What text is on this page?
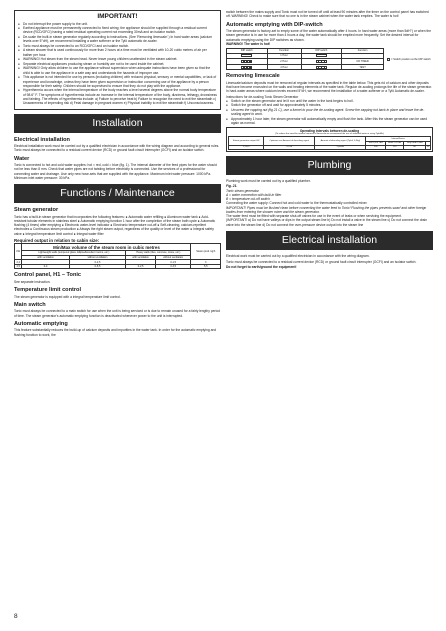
IMPORTANT!
● Do not interrupt the power supply to the unit.
● Earthed appliance must be permanently connected to fixed wiring; the appliance should be supplied through a residual current device (RCD/GFCI) having a rated residual operating current not exceeding 30mA and an isolator switch.
● De-scale the built-in steam generator regularly according to instructions. (See 'Removing limescale'.) In hard water areas (calcium levels over 5°dH), we recommend installing a water softener or the Tylö automatic de-scaler.
● Tonic must always be connected to an RCD/GFCI and an isolator switch.
● A steam shower that is used continuously for more than 2 hours at a time must be ventilated with 10-20 cubic metres of air per bather per hour.
● WARNING! Hot steam from the steam head. Never leave young children unattended in the steam cabinet.
● Separate electrical appliances producing steam or humidity are not to be used inside the cabinet.
● WARNING! Only allow children to use the appliance without supervision when adequate instructions have been given so that the child is able to use the appliance in a safe way and understands the hazards of improper use.
● This appliance is not intended for use by persons (including children) with reduced physical, sensory or mental capabilities, or lack of experience and knowledge, unless they have been given supervision or instruction concerning use of the appliance by a person responsible for their safety. Children should be supervised to ensure that they do not play with the appliance.
● Hyperthermia occurs when the internal temperature of the body reaches a level several degrees above the normal body temperature of 98.6° F. The symptoms of hyperthermia include an increase in the internal temperature of the body, dizziness, lethargy, drowsiness and fainting. The effects of hyperthermia include: a) Failure to perceive heat b) Failure to recognize the need to exit the steambath c) Unawareness of impending risk d) Fetal damage in pregnant women e) Physical inability to exit the steambath f) Unconsciousness.
Installation
Electrical installation

Electrical installation work must be carried out by a qualified electrician in accordance with the wiring diagram and according to general rules. Tonic must always be connected to a residual current device (RCD) or ground fault circuit interrupter (GCFI) and an isolator switch.

Water

Tonic is connected to hot and cold water supplies: hot = red, cold = blue (fig. 1). The internal diameter of the feed pipes for the water should not be less than 8 mm. Check that water pipes are not twisting before electricity is connected. Use the services of a professional for connecting water and drainage. Use only new hose-sets that are supplied with the appliance. Maximum inlet water pressure: 1000 kPa. Minimum inlet water pressure: 30 kPa.

Functions / Maintenance
Steam generator

Tonic has a built-in steam generator that incorporates the following features: ● Automatic water refilling ● Aluminum water tank ● Acid-resistant tubular elements in stainless steel ● Automatic emptying function 1 hour after the completion of the steam bath cycle ● Automatic flushing (4 times) after emptying ● Electronic water-level indicator ● Electronic temperature cut-off ● Self-cleaning, calcium-repellent electrodes ● Continuous steam production ● Always the right steam output, regardless of the quality or level of the water ● Integral safety valve ● Integral temperature limit control ● Integral water filter

Required output in relation to cabin size:
kW	Min/Max volume of the steam room in cubic metres				Steam prod. kg/h
	Lightweight walls (tempered glass, Ellipse/Excellent rooms, etc.)		Heavy walls (tiles, concrete, stone, etc.)		
	with ventilation	without ventilation	with ventilation	without ventilation	
2,2		0-2,5		0-1,5	3
4,5	0-4	0-5,5	0-2,5	0-3,5	5,5
Control panel, H1 – Tonic

See separate instruction.

Temperature limit control

The steam generator is equipped with a integral temperature limit control.

Main switch

Tonic must always be connected to a main switch for use when the unit is being serviced or is due to remain unused for a fairly lengthy period of time. The steam generator's automatic emptying function is deactivated whenever power to the unit is interrupted.

Automatic emptying

This feature substantially reduces the build-up of calcium deposits and impurities in the water tank. In order for the automatic emptying and flushing function to work, the

switch between the mains supply and Tonic must not be turned off until at least 90 minutes after the timer on the control panel has switched off. WARNING! Check to make sure that no one is in the steam cabinet when the water tank empties. The water is hot!

Automatic emptying with DIP-switch

The steam generator is factory-set to empty some of the water automatically after 4 hours. In hard water areas (more than 5dH°) or when the steam generator is in use for more than 4 hours a day, the water tank should be emptied more frequently. Set the desired interval for automatic emptying using the DIP switches as shown.

WARNING! The water is hot!

DIP switch	Function	DIP switch	Function

	1 Hour	

	2 Hour		NO TIMER

	4 Hour		TEST
= Switch position at the DIP switch
Removing limescale

Limescale/calcium deposits must be removed at regular intervals as specified in the table below. This gets rid of calcium and other deposits that have become encrusted on the walls and heating elements of the water tank. Regular de-scaling prolongs the life of the steam generator. In hard-water areas where calcium levels exceed 5°dH, we recommend the installation of a water-softener or a Tylö Automatic de-scaler.

Instructions for de-scaling Tonic Steam Generator

● Switch on the steam generator and let it run until the water in the tank begins to boil.
● Switch the generator off and wait for approximately 5 minutes.
● Unscrew the capping nut (fig 21 C), use a funnel to pour the de-scaling agent. Screw the capping nut back in place and leave the de-scaling agent to work.
● Approximately 1 hour later, the steam generator will automatically empty and flush the tank. After this the steam generator can be used again as normal.
Operating intervals between de-scaling
(To reduce the need for manual removal of limescale we recommend the use of softened water or using TyloMix)
Steam generator output kW	Optimum use Amount of descaling agent	Amount of descaling agent (Tyloli, 0,5kg)	Interval/hours			
			Soft 0,0-0,7dH	Hard 1,4-7dH	Very hard 0,5dH	
2,2/4,5	0,5 dl	2 packs	200	125	80	40
Plumbing

Plumbing work must be carried out by a qualified plumber.

Fig. 21.

Tonic steam generator.

A = water connection with built-in filter

B = temperature cut-off switch

Connecting the water supply: Connect hot and cold water to the thermostatically controlled mixer.

IMPORTANT! Pipes must be flushed clean before connecting the water feed to Tonic! Flushing the pipes prevents swarf and other foreign bodies from entering the shower mixer and the steam generator.

The water feed must be fitted with separate shut-off valves for use in the event of leaks or when servicing the equipment.

(IMPORTANT! a) Do not have valleys or dips in the output steam line b) Do not install a valve in the steam line c) Do not connect the drain valve into the steam line d) Do not connect the over-pressure device output into the steam line

Electrical installation

Electrical work must be carried out by a qualified electrician in accordance with the wiring diagram.

Tonic must always be connected to a residual current device (RCD) or ground fault circuit interrupter (GCFI) and an isolator switch.

Do not forget to earth/ground the equipment!

8
